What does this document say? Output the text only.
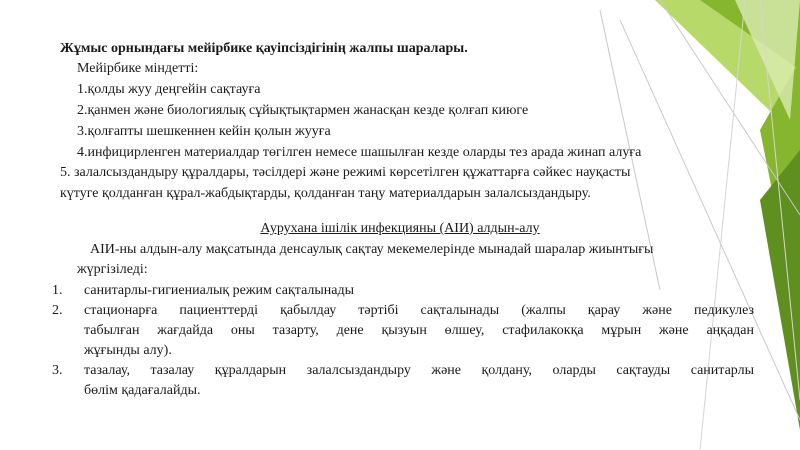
Жұмыс орнындағы мейірбике қауіпсіздігінің жалпы шаралары.
Мейірбике міндетті:
1.қолды жуу деңгейін сақтауға
2.қанмен және биологиялық сұйықтықтармен жанасқан кезде қолғап киюге
3.қолғапты шешкеннен кейін қолын жууға
4.инфицирленген материалдар төгілген немесе шашылған кезде оларды тез арада жинап алуға
5. залалсыздандыру құралдары, тәсілдері және режимі көрсетілген құжаттарға сәйкес науқасты
күтуге қолданған құрал-жабдықтарды, қолданған таңу материалдарын залалсыздандыру.
Аурухана ішілік инфекцияны (АІИ) алдын-алу
АІИ-ны алдын-алу мақсатында денсаулық сақтау мекемелерінде мынадай шаралар жиынтығы
жүргізіледі:
1. санитарлы-гигиениалық режим сақталынады
2. стационарға пациенттерді қабылдау тәртібі сақталынады (жалпы қарау және педикулез
табылған жағдайда оны тазарту, дене қызуын өлшеу, стафилакокқа мұрын және аңқадан
жұғынды алу).
3. тазалау, тазалау құралдарын залалсыздандыру және қолдану, оларды сақтауды санитарлы
бөлім қадағалайды.
